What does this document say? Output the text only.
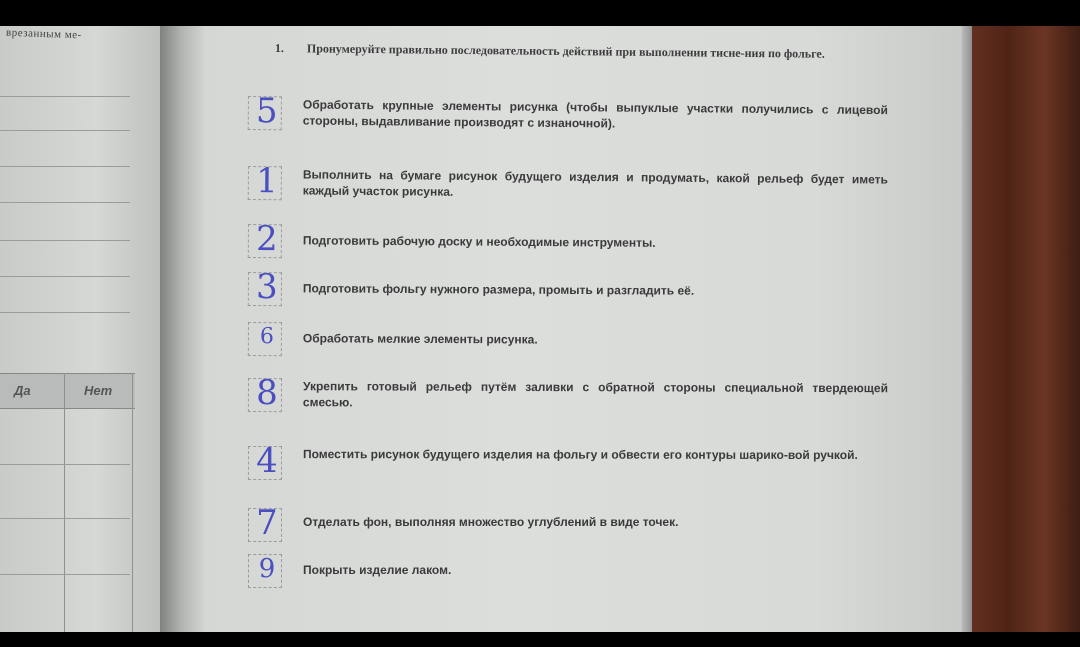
врезанным ме-
Да	Нет
1. Пронумеруйте правильно последовательность действий при выполнении тисне-ния по фольге.
5	Обработать крупные элементы рисунка (чтобы выпуклые участки получились с лицевой стороны, выдавливание производят с изнаночной).
1	Выполнить на бумаге рисунок будущего изделия и продумать, какой рельеф будет иметь каждый участок рисунка.
2	Подготовить рабочую доску и необходимые инструменты.
3	Подготовить фольгу нужного размера, промыть и разгладить её.
6	Обработать мелкие элементы рисунка.
8	Укрепить готовый рельеф путём заливки с обратной стороны специальной твердеющей смесью.
4	Поместить рисунок будущего изделия на фольгу и обвести его контуры шарико-вой ручкой.
7	Отделать фон, выполняя множество углублений в виде точек.
9	Покрыть изделие лаком.
